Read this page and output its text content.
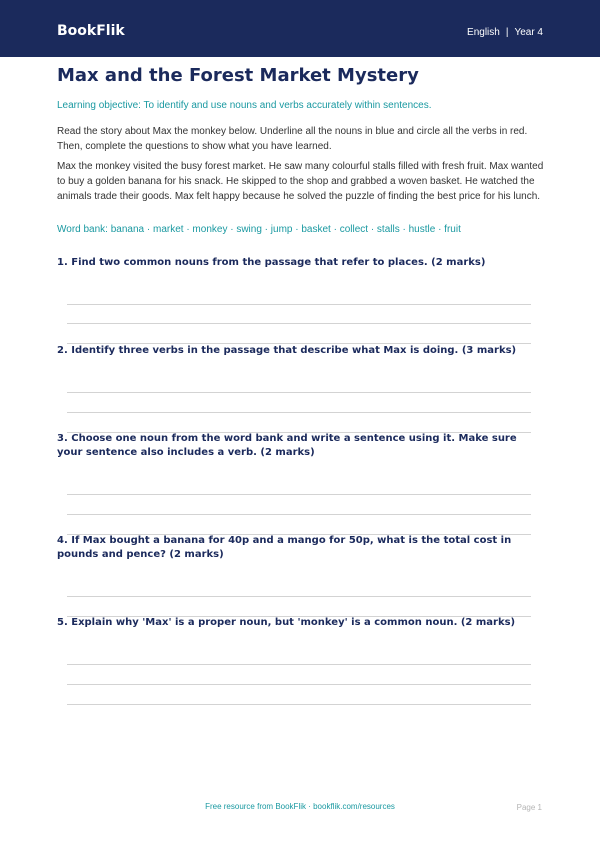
BookFlik	English | Year 4
Max and the Forest Market Mystery
Learning objective: To identify and use nouns and verbs accurately within sentences.
Read the story about Max the monkey below. Underline all the nouns in blue and circle all the verbs in red. Then, complete the questions to show what you have learned.
Max the monkey visited the busy forest market. He saw many colourful stalls filled with fresh fruit. Max wanted to buy a golden banana for his snack. He skipped to the shop and grabbed a woven basket. He watched the animals trade their goods. Max felt happy because he solved the puzzle of finding the best price for his lunch.
Word bank: banana · market · monkey · swing · jump · basket · collect · stalls · hustle · fruit
1. Find two common nouns from the passage that refer to places. (2 marks)
2. Identify three verbs in the passage that describe what Max is doing. (3 marks)
3. Choose one noun from the word bank and write a sentence using it. Make sure your sentence also includes a verb. (2 marks)
4. If Max bought a banana for 40p and a mango for 50p, what is the total cost in pounds and pence? (2 marks)
5. Explain why 'Max' is a proper noun, but 'monkey' is a common noun. (2 marks)
Free resource from BookFlik · bookflik.com/resources	Page 1
